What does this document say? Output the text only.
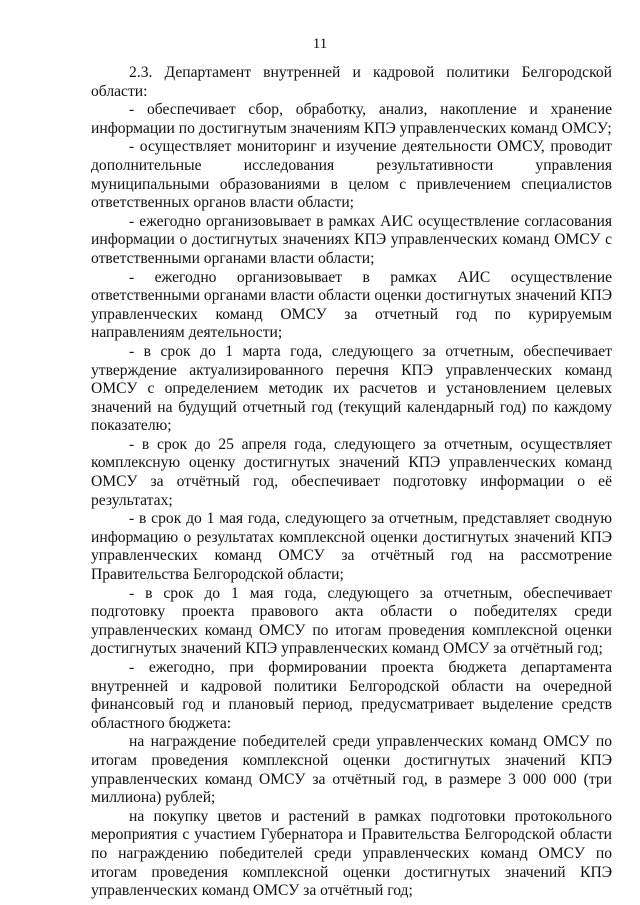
11

2.3. Департамент внутренней и кадровой политики Белгородской области:

- обеспечивает сбор, обработку, анализ, накопление и хранение информации по достигнутым значениям КПЭ управленческих команд ОМСУ;

- осуществляет мониторинг и изучение деятельности ОМСУ, проводит дополнительные исследования результативности управления муниципальными образованиями в целом с привлечением специалистов ответственных органов власти области;

- ежегодно организовывает в рамках АИС осуществление согласования информации о достигнутых значениях КПЭ управленческих команд ОМСУ с ответственными органами власти области;

- ежегодно организовывает в рамках АИС осуществление ответственными органами власти области оценки достигнутых значений КПЭ управленческих команд ОМСУ за отчетный год по курируемым направлениям деятельности;

- в срок до 1 марта года, следующего за отчетным, обеспечивает утверждение актуализированного перечня КПЭ управленческих команд ОМСУ с определением методик их расчетов и установлением целевых значений на будущий отчетный год (текущий календарный год) по каждому показателю;

- в срок до 25 апреля года, следующего за отчетным, осуществляет комплексную оценку достигнутых значений КПЭ управленческих команд ОМСУ за отчётный год, обеспечивает подготовку информации о её результатах;

- в срок до 1 мая года, следующего за отчетным, представляет сводную информацию о результатах комплексной оценки достигнутых значений КПЭ управленческих команд ОМСУ за отчётный год на рассмотрение Правительства Белгородской области;

- в срок до 1 мая года, следующего за отчетным, обеспечивает подготовку проекта правового акта области о победителях среди управленческих команд ОМСУ по итогам проведения комплексной оценки достигнутых значений КПЭ управленческих команд ОМСУ за отчётный год;

- ежегодно, при формировании проекта бюджета департамента внутренней и кадровой политики Белгородской области на очередной финансовый год и плановый период, предусматривает выделение средств областного бюджета:

на награждение победителей среди управленческих команд ОМСУ по итогам проведения комплексной оценки достигнутых значений КПЭ управленческих команд ОМСУ за отчётный год, в размере 3 000 000 (три миллиона) рублей;

на покупку цветов и растений в рамках подготовки протокольного мероприятия с участием Губернатора и Правительства Белгородской области по награждению победителей среди управленческих команд ОМСУ по итогам проведения комплексной оценки достигнутых значений КПЭ управленческих команд ОМСУ за отчётный год;
